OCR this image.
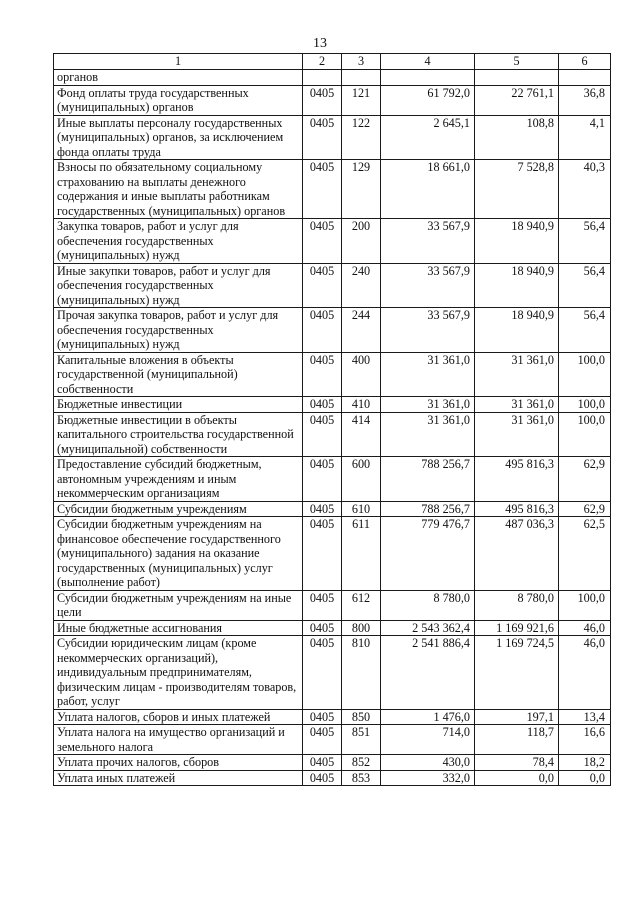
13
1	2	3	4	5	6
органов					
Фонд оплаты труда государственных (муниципальных) органов	0405	121	61 792,0	22 761,1	36,8
Иные выплаты персоналу государственных (муниципальных) органов, за исключением фонда оплаты труда	0405	122	2 645,1	108,8	4,1
Взносы по обязательному социальному страхованию на выплаты денежного содержания и иные выплаты работникам государственных (муниципальных) органов	0405	129	18 661,0	7 528,8	40,3
Закупка товаров, работ и услуг для обеспечения государственных (муниципальных) нужд	0405	200	33 567,9	18 940,9	56,4
Иные закупки товаров, работ и услуг для обеспечения государственных (муниципальных) нужд	0405	240	33 567,9	18 940,9	56,4
Прочая закупка товаров, работ и услуг для обеспечения государственных (муниципальных) нужд	0405	244	33 567,9	18 940,9	56,4
Капитальные вложения в объекты государственной (муниципальной) собственности	0405	400	31 361,0	31 361,0	100,0
Бюджетные инвестиции	0405	410	31 361,0	31 361,0	100,0
Бюджетные инвестиции в объекты капитального строительства государственной (муниципальной) собственности	0405	414	31 361,0	31 361,0	100,0
Предоставление субсидий бюджетным, автономным учреждениям и иным некоммерческим организациям	0405	600	788 256,7	495 816,3	62,9
Субсидии бюджетным учреждениям	0405	610	788 256,7	495 816,3	62,9
Субсидии бюджетным учреждениям на финансовое обеспечение государственного (муниципального) задания на оказание государственных (муниципальных) услуг (выполнение работ)	0405	611	779 476,7	487 036,3	62,5
Субсидии бюджетным учреждениям на иные цели	0405	612	8 780,0	8 780,0	100,0
Иные бюджетные ассигнования	0405	800	2 543 362,4	1 169 921,6	46,0
Субсидии юридическим лицам (кроме некоммерческих организаций), индивидуальным предпринимателям, физическим лицам - производителям товаров, работ, услуг	0405	810	2 541 886,4	1 169 724,5	46,0
Уплата налогов, сборов и иных платежей	0405	850	1 476,0	197,1	13,4
Уплата налога на имущество организаций и земельного налога	0405	851	714,0	118,7	16,6
Уплата прочих налогов, сборов	0405	852	430,0	78,4	18,2
Уплата иных платежей	0405	853	332,0	0,0	0,0
